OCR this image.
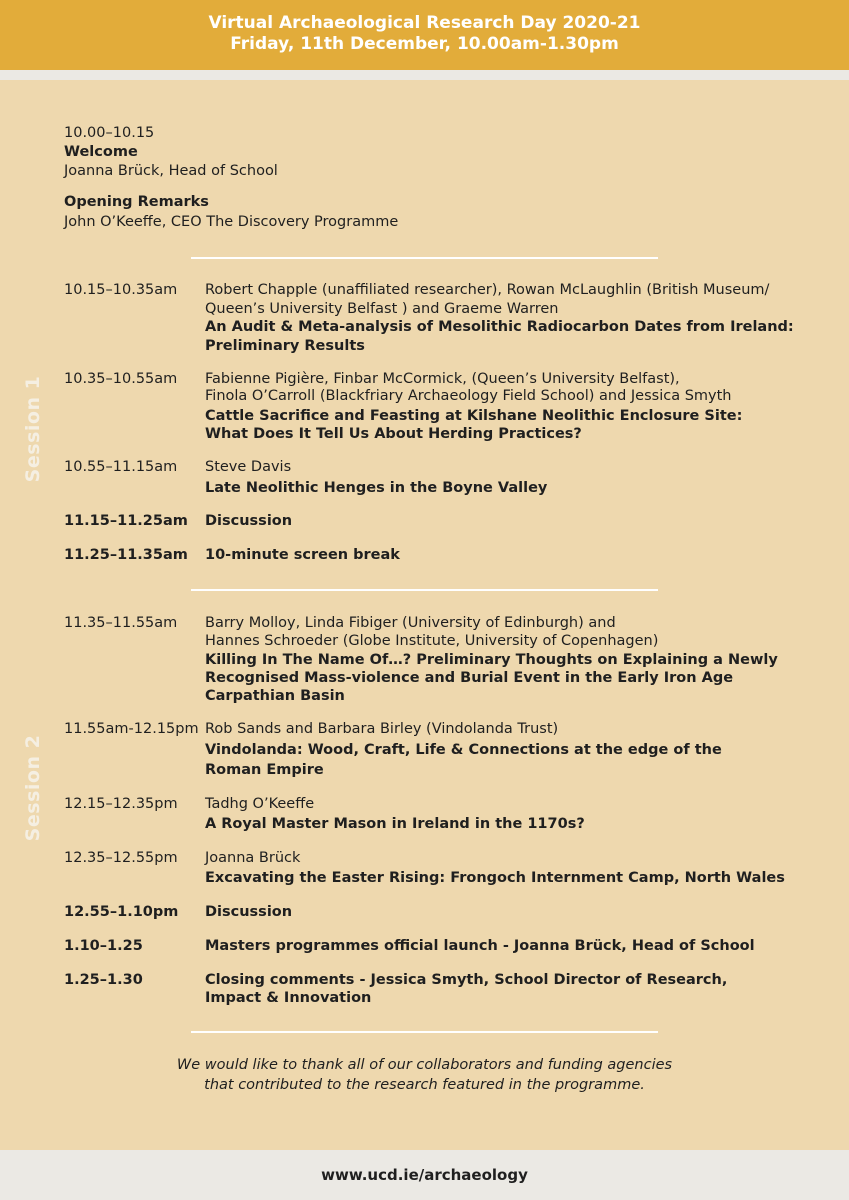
Virtual Archaeological Research Day 2020-21
Friday, 11th December, 10.00am-1.30pm
10.00–10.15
Welcome
Joanna Brück, Head of School
Opening Remarks
John O’Keeffe, CEO The Discovery Programme
Session 1
Session 2
10.15–10.35am Robert Chapple (unaffiliated researcher), Rowan McLaughlin (British Museum/
Queen’s University Belfast ) and Graeme Warren
An Audit & Meta-analysis of Mesolithic Radiocarbon Dates from Ireland:
Preliminary Results
10.35–10.55am Fabienne Pigière, Finbar McCormick, (Queen’s University Belfast),
Finola O’Carroll (Blackfriary Archaeology Field School) and Jessica Smyth
Cattle Sacrifice and Feasting at Kilshane Neolithic Enclosure Site:
What Does It Tell Us About Herding Practices?
10.55–11.15am Steve Davis
Late Neolithic Henges in the Boyne Valley
11.15–11.25am Discussion
11.25–11.35am 10-minute screen break
11.35–11.55am Barry Molloy, Linda Fibiger (University of Edinburgh) and
Hannes Schroeder (Globe Institute, University of Copenhagen)
Killing In The Name Of…? Preliminary Thoughts on Explaining a Newly
Recognised Mass-violence and Burial Event in the Early Iron Age
Carpathian Basin
11.55am-12.15pm Rob Sands and Barbara Birley (Vindolanda Trust)
Vindolanda: Wood, Craft, Life & Connections at the edge of the
Roman Empire
12.15–12.35pm Tadhg O’Keeffe
A Royal Master Mason in Ireland in the 1170s?
12.35–12.55pm Joanna Brück
Excavating the Easter Rising: Frongoch Internment Camp, North Wales
12.55–1.10pm Discussion
1.10–1.25	Masters programmes official launch - Joanna Brück, Head of School
1.25–1.30	Closing comments - Jessica Smyth, School Director of Research,
Impact & Innovation
We would like to thank all of our collaborators and funding agencies
that contributed to the research featured in the programme.
www.ucd.ie/archaeology
